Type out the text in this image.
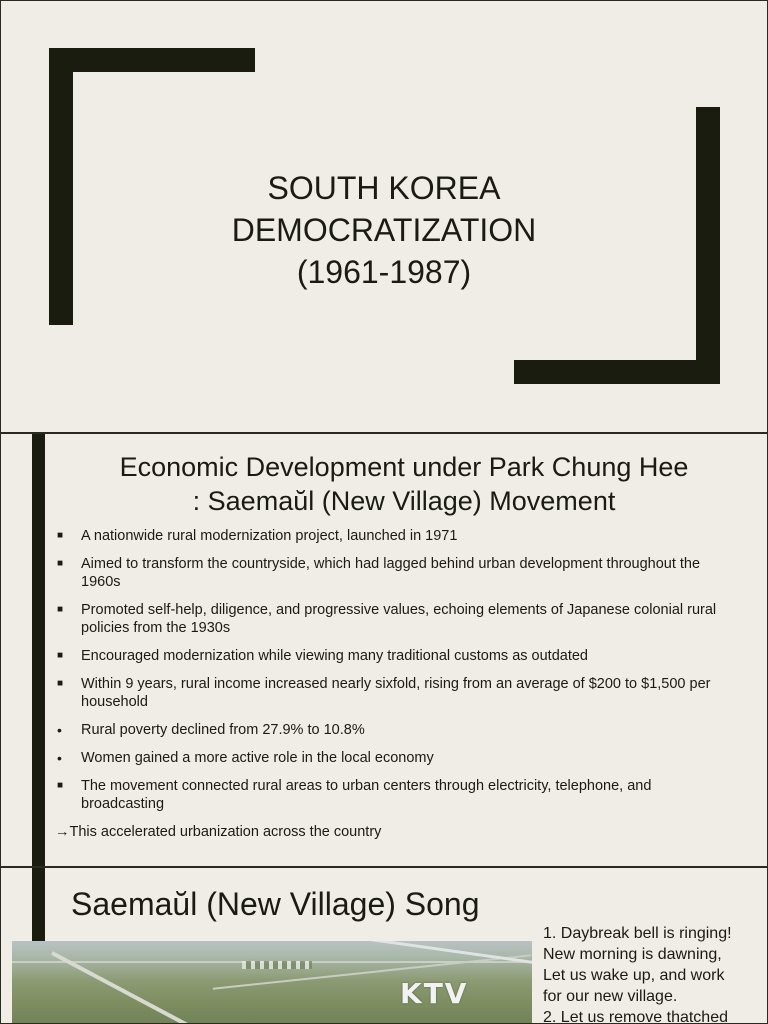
SOUTH KOREA
DEMOCRATIZATION
(1961-1987)
Economic Development under Park Chung Hee
: Saemaŭl (New Village) Movement
■	A nationwide rural modernization project, launched in 1971
■	Aimed to transform the countryside, which had lagged behind urban development throughout the 1960s
■	Promoted self-help, diligence, and progressive values, echoing elements of Japanese colonial rural policies from the 1930s
■	Encouraged modernization while viewing many traditional customs as outdated
■	Within 9 years, rural income increased nearly sixfold, rising from an average of $200 to $1,500 per household
•	Rural poverty declined from 27.9% to 10.8%
•	Women gained a more active role in the local economy
■	The movement connected rural areas to urban centers through electricity, telephone, and broadcasting
→This accelerated urbanization across the country
Saemaŭl (New Village) Song
KTV
1. Daybreak bell is ringing!
New morning is dawning,
Let us wake up, and work
for our new village.
2. Let us remove thatched
